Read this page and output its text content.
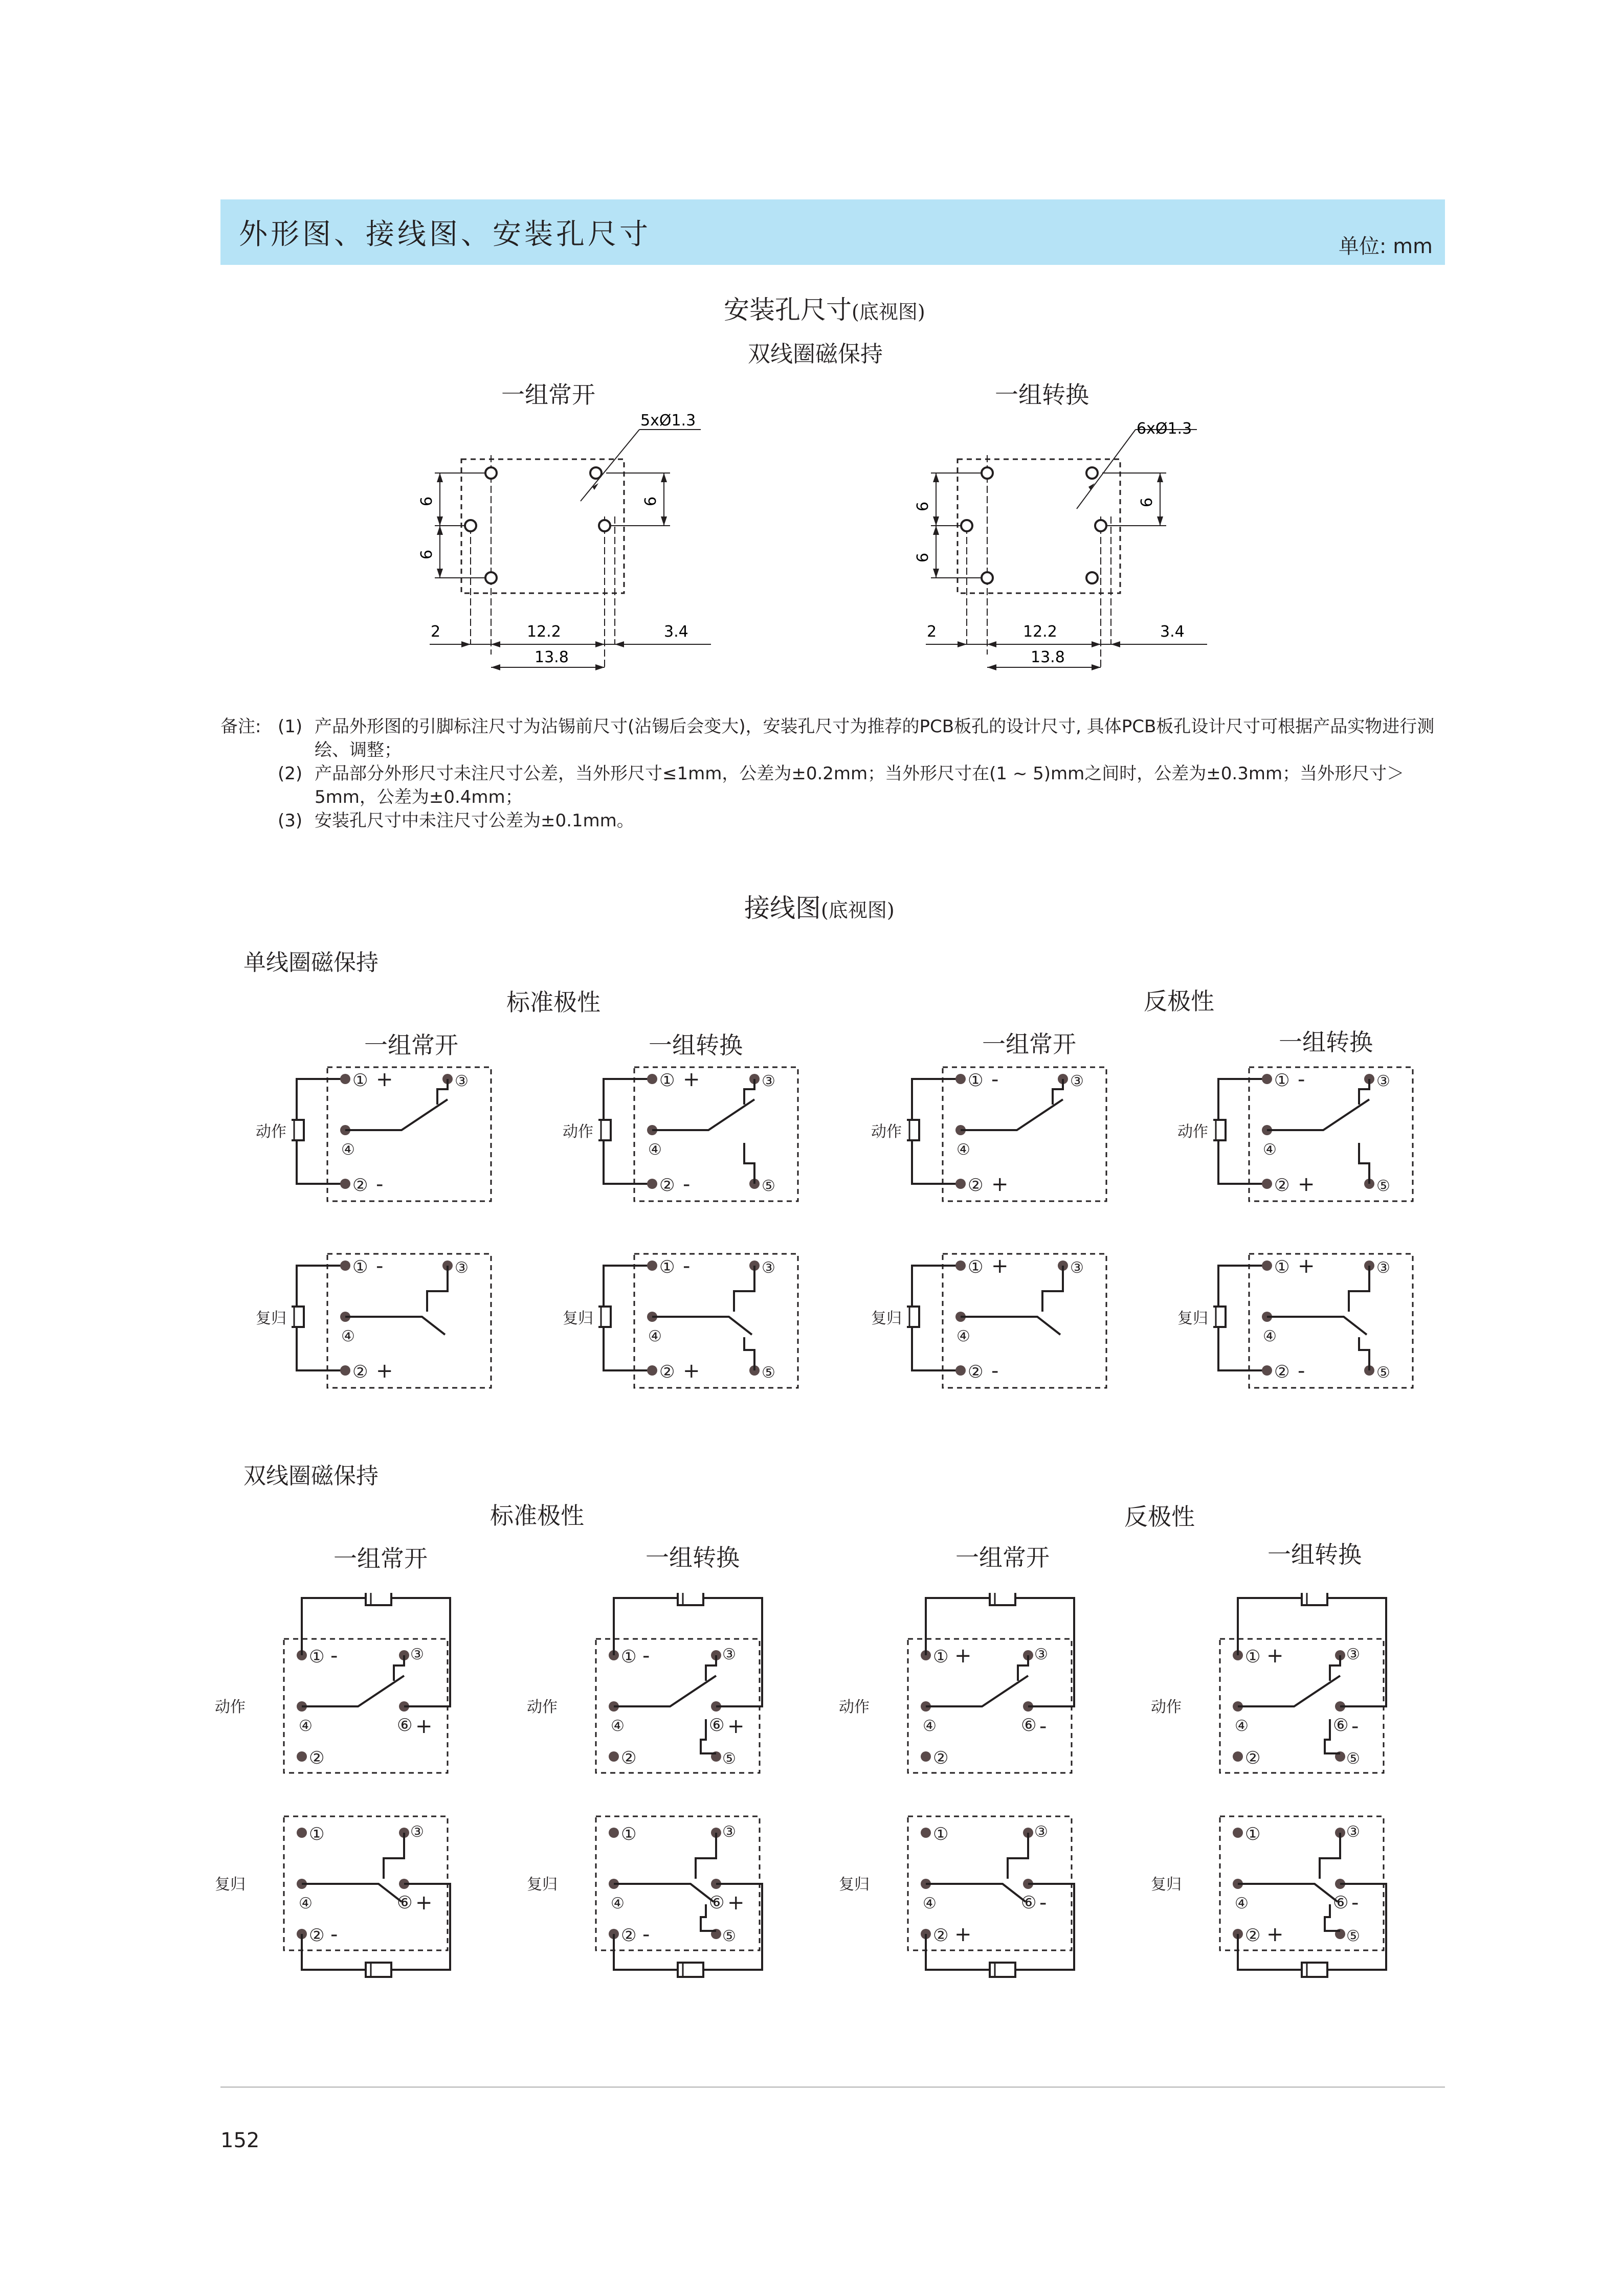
外形图、接线图、安装孔尺寸	单位: mm
安装孔尺寸(底视图)
双线圈磁保持
一组常开	一组转换
5xØ1.3
6
6
6
2	12.2	3.4
13.8
6xØ1.3
6
6
6
2	12.2	3.4
13.8
备注: (1) 产品外形图的引脚标注尺寸为沾锡前尺寸(沾锡后会变大)，安装孔尺寸为推荐的PCB板孔的设计尺寸, 具体PCB板孔设计尺寸可根据产品实物进行测绘、调整；
(2) 产品部分外形尺寸未注尺寸公差，当外形尺寸≤1mm，公差为±0.2mm；当外形尺寸在(1 ~ 5)mm之间时，公差为±0.3mm；当外形尺寸＞5mm，公差为±0.4mm；
(3) 安装孔尺寸中未注尺寸公差为±0.1mm。
接线图(底视图)
单线圈磁保持
标准极性	反极性
一组常开	一组转换	一组常开	一组转换
双线圈磁保持
标准极性	反极性
一组常开	一组转换	一组常开	一组转换
①
②
③
④
+
-
动作
①
②
③
④
-
+
复归
①
②
③
④
+
-	⑤
动作
①
②
③
④
-
+	⑤
复归
①
②
③
④
-
+
动作
①
②
③
④
+
-
复归
①
②
③
④
-
+	⑤
动作
①
②
③
④
+
-	⑤
复归
①
②
③
④	⑥
-
+
动作
①
②
③
④	⑥
-
+
复归
①
②
③
④	⑥
-
+
⑤
动作
①
②
③
④	⑥
-
+
⑤
复归
①
②
③
④	⑥
+
-
动作
①
②
③
④	⑥
+
-
复归
①
②
③
④	⑥
+
-
⑤
动作
①
②
③
④	⑥
+
-
⑤
复归
152
